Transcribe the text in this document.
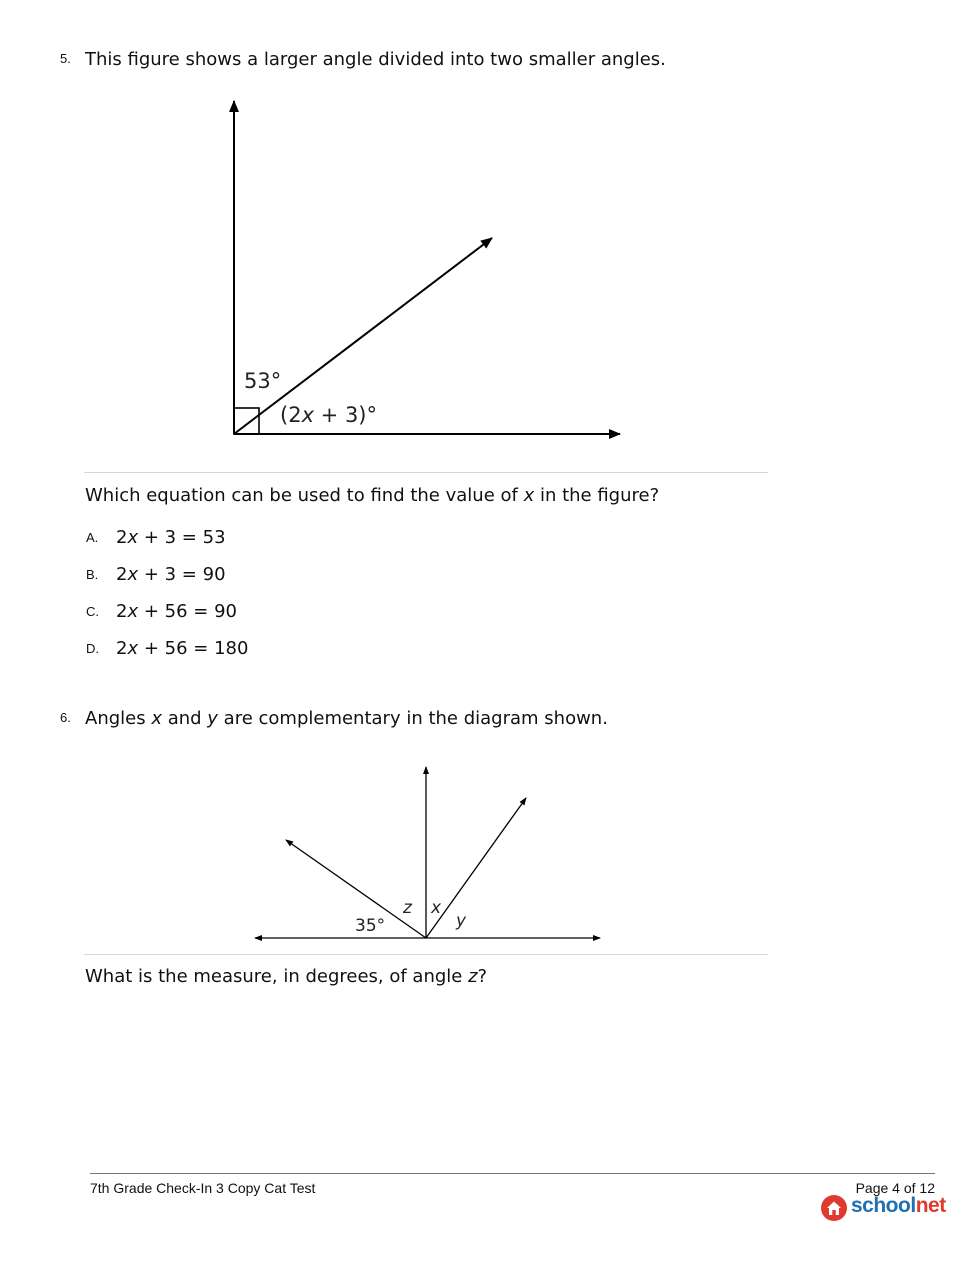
5. This figure shows a larger angle divided into two smaller angles.
53°
(2x + 3)°
35°
z x
y
Which equation can be used to find the value of x in the figure?
A. 2x + 3 = 53
B. 2x + 3 = 90
C. 2x + 56 = 90
D. 2x + 56 = 180
6. Angles x and y are complementary in the diagram shown.
What is the measure, in degrees, of angle z?
7th Grade Check-In 3 Copy Cat Test	Page 4 of 12
schoolnet
